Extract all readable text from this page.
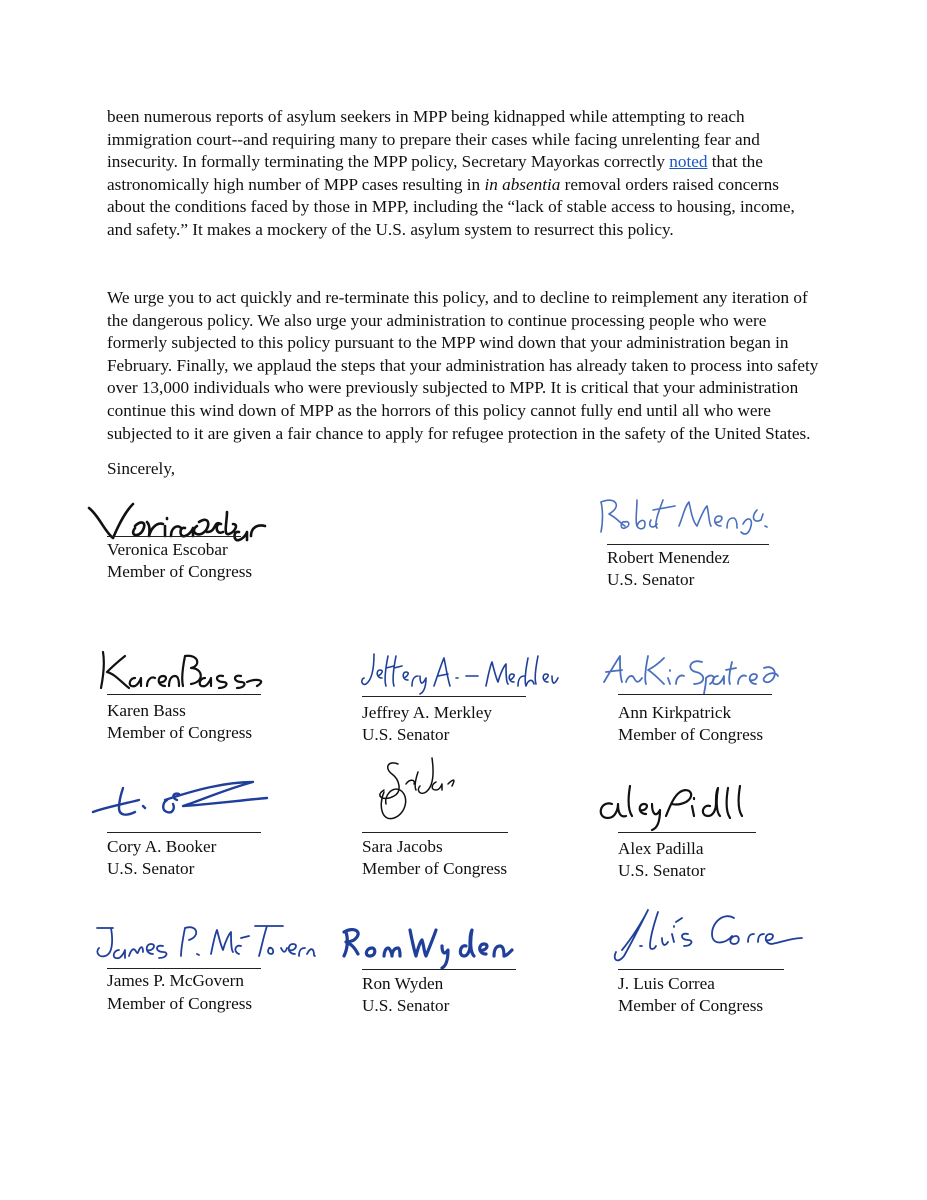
been numerous reports of asylum seekers in MPP being kidnapped while attempting to reach immigration court--and requiring many to prepare their cases while facing unrelenting fear and insecurity. In formally terminating the MPP policy, Secretary Mayorkas correctly noted that the astronomically high number of MPP cases resulting in in absentia removal orders raised concerns about the conditions faced by those in MPP, including the “lack of stable access to housing, income, and safety.” It makes a mockery of the U.S. asylum system to resurrect this policy.

We urge you to act quickly and re-terminate this policy, and to decline to reimplement any iteration of the dangerous policy. We also urge your administration to continue processing people who were formerly subjected to this policy pursuant to the MPP wind down that your administration began in February. Finally, we applaud the steps that your administration has already taken to process into safety over 13,000 individuals who were previously subjected to MPP. It is critical that your administration continue this wind down of MPP as the horrors of this policy cannot fully end until all who were subjected to it are given a fair chance to apply for refugee protection in the safety of the United States.

Sincerely,

Veronica Escobar
Member of Congress
Robert Menendez
U.S. Senator
Karen Bass
Member of Congress
Jeffrey A. Merkley
U.S. Senator
Ann Kirkpatrick
Member of Congress
Cory A. Booker
U.S. Senator
Sara Jacobs
Member of Congress
Alex Padilla
U.S. Senator
James P. McGovern
Member of Congress
Ron Wyden
U.S. Senator
J. Luis Correa
Member of Congress
